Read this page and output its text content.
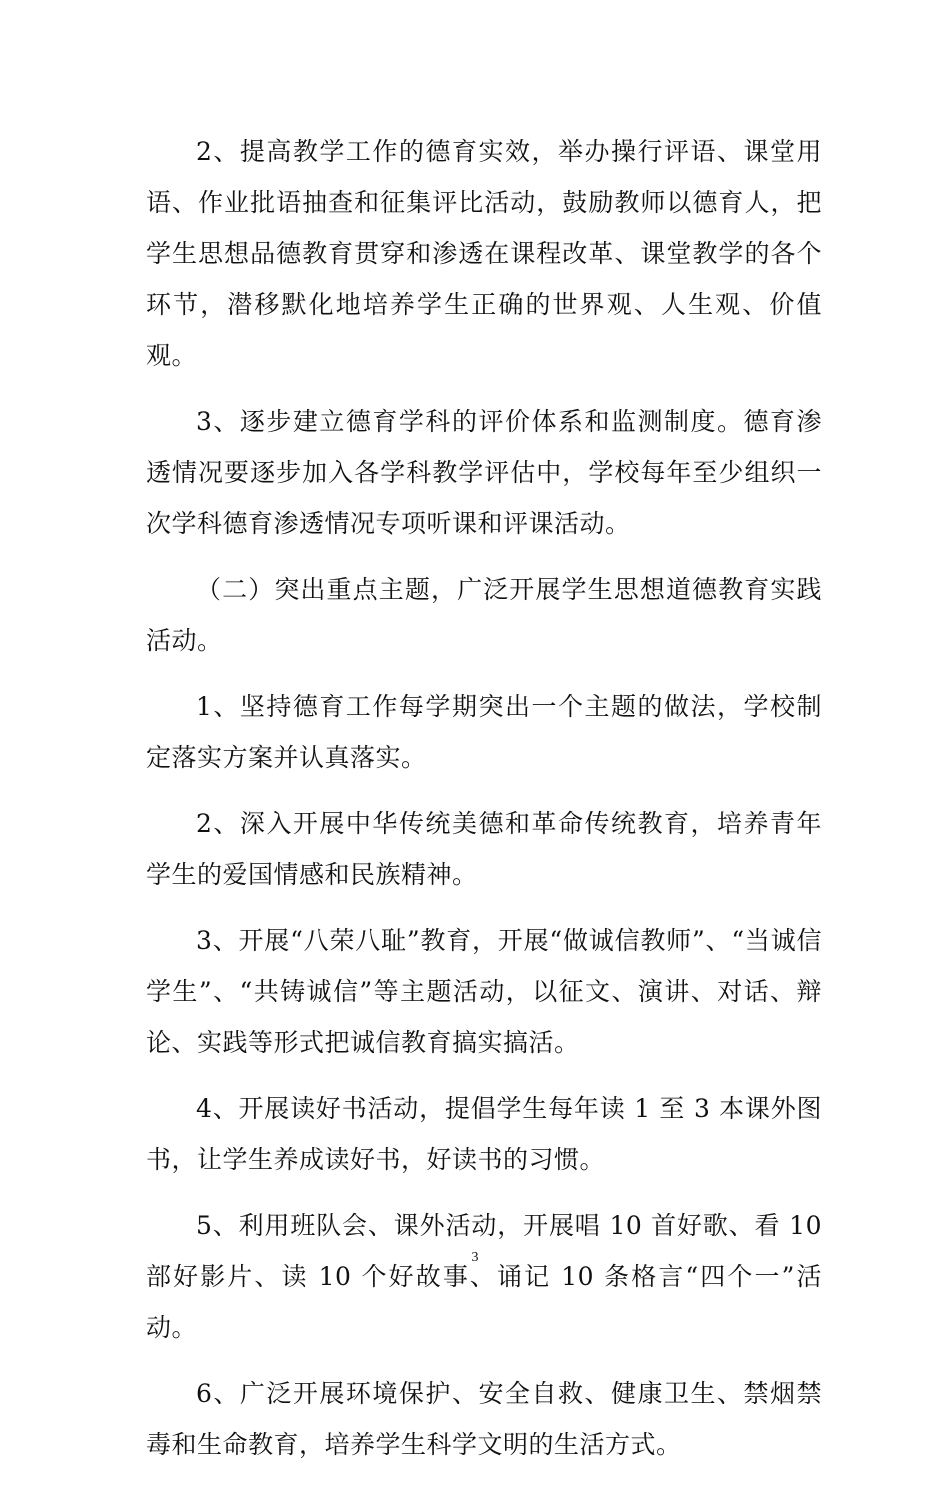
2、提高教学工作的德育实效，举办操行评语、课堂用语、作业批语抽查和征集评比活动，鼓励教师以德育人，把学生思想品德教育贯穿和渗透在课程改革、课堂教学的各个环节，潜移默化地培养学生正确的世界观、人生观、价值观。

3、逐步建立德育学科的评价体系和监测制度。德育渗透情况要逐步加入各学科教学评估中，学校每年至少组织一次学科德育渗透情况专项听课和评课活动。

（二）突出重点主题，广泛开展学生思想道德教育实践活动。

1、坚持德育工作每学期突出一个主题的做法，学校制定落实方案并认真落实。

2、深入开展中华传统美德和革命传统教育，培养青年学生的爱国情感和民族精神。

3、开展“八荣八耻”教育，开展“做诚信教师”、“当诚信学生”、“共铸诚信”等主题活动，以征文、演讲、对话、辩论、实践等形式把诚信教育搞实搞活。

4、开展读好书活动，提倡学生每年读 1 至 3 本课外图书，让学生养成读好书，好读书的习惯。

5、利用班队会、课外活动，开展唱 10 首好歌、看 10 部好影片、读 10 个好故事、诵记 10 条格言“四个一”活动。

6、广泛开展环境保护、安全自救、健康卫生、禁烟禁毒和生命教育，培养学生科学文明的生活方式。

3
